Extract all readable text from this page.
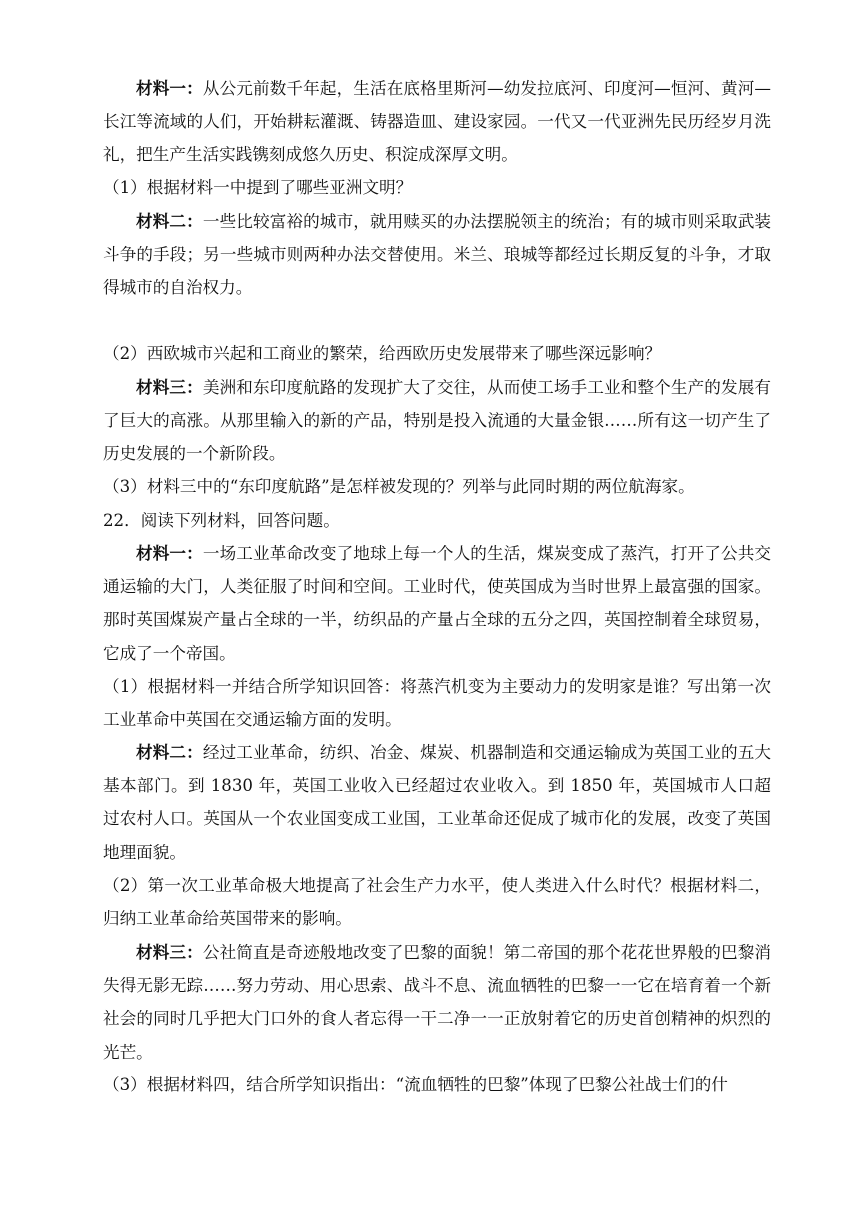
材料一：从公元前数千年起，生活在底格里斯河—幼发拉底河、印度河—恒河、黄河—长江等流域的人们，开始耕耘灌溉、铸器造皿、建设家园。一代又一代亚洲先民历经岁月洗礼，把生产生活实践镌刻成悠久历史、积淀成深厚文明。

（1）根据材料一中提到了哪些亚洲文明？

材料二：一些比较富裕的城市，就用赎买的办法摆脱领主的统治；有的城市则采取武装斗争的手段；另一些城市则两种办法交替使用。米兰、琅城等都经过长期反复的斗争，才取得城市的自治权力。

（2）西欧城市兴起和工商业的繁荣，给西欧历史发展带来了哪些深远影响？

材料三：美洲和东印度航路的发现扩大了交往，从而使工场手工业和整个生产的发展有了巨大的高涨。从那里输入的新的产品，特别是投入流通的大量金银……所有这一切产生了历史发展的一个新阶段。

（3）材料三中的“东印度航路”是怎样被发现的？列举与此同时期的两位航海家。

22．阅读下列材料，回答问题。

材料一：一场工业革命改变了地球上每一个人的生活，煤炭变成了蒸汽，打开了公共交通运输的大门，人类征服了时间和空间。工业时代，使英国成为当时世界上最富强的国家。那时英国煤炭产量占全球的一半，纺织品的产量占全球的五分之四，英国控制着全球贸易，它成了一个帝国。

（1）根据材料一并结合所学知识回答：将蒸汽机变为主要动力的发明家是谁？写出第一次工业革命中英国在交通运输方面的发明。

材料二：经过工业革命，纺织、冶金、煤炭、机器制造和交通运输成为英国工业的五大基本部门。到 1830 年，英国工业收入已经超过农业收入。到 1850 年，英国城市人口超过农村人口。英国从一个农业国变成工业国，工业革命还促成了城市化的发展，改变了英国地理面貌。

（2）第一次工业革命极大地提高了社会生产力水平，使人类进入什么时代？根据材料二，归纳工业革命给英国带来的影响。

材料三：公社简直是奇迹般地改变了巴黎的面貌！第二帝国的那个花花世界般的巴黎消失得无影无踪……努力劳动、用心思索、战斗不息、流血牺牲的巴黎一一它在培育着一个新社会的同时几乎把大门口外的食人者忘得一干二净一一正放射着它的历史首创精神的炽烈的光芒。

（3）根据材料四，结合所学知识指出：“流血牺牲的巴黎”体现了巴黎公社战士们的什
